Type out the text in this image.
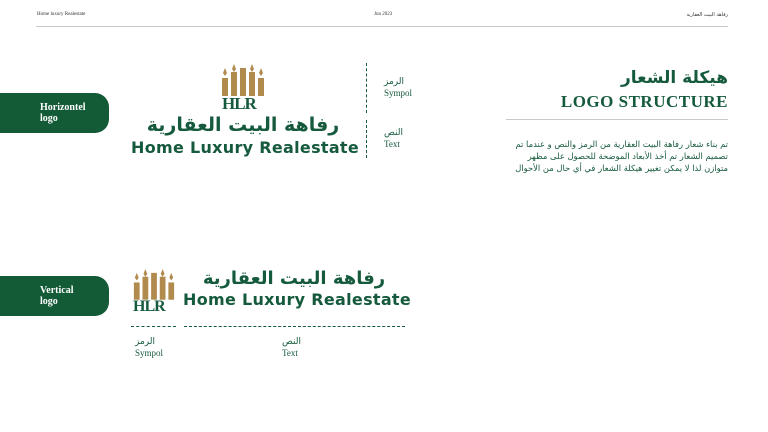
Home luxury Realestate	Jun 2023	رفاهة البيت العقارية
Horizontel
logo
HLR
رفاهة البيت العقارية
Home Luxury Realestate
الرمز
Sympol
النص
Text
هيكلة الشعار
LOGO STRUCTURE
تم بناء شعار رفاهة البيت العقارية من الرمز والنص و عندما تم تصميم الشعار تم أخذ الأبعاد الموضحة للحصول على مظهر متوازن لذا لا يمكن تغيير هيكلة الشعار في أي حال من الأحوال
Vertical
logo	HLR
رفاهة البيت العقارية
Home Luxury Realestate
الرمز
Sympol
النص
Text
